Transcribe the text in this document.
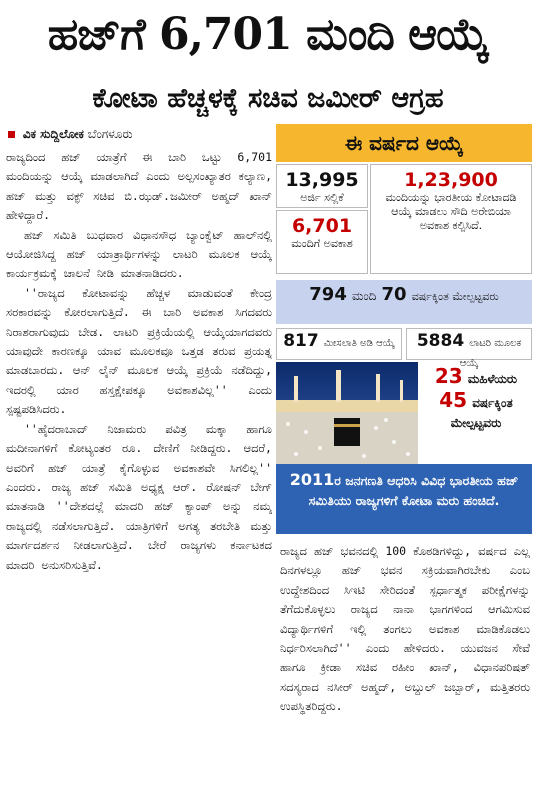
ಹಜ್‌ಗೆ 6,701 ಮಂದಿ ಆಯ್ಕೆ
ಕೋಟಾ ಹೆಚ್ಚಳಕ್ಕೆ ಸಚಿವ ಜಮೀರ್ ಆಗ್ರಹ
ವಿಕ ಸುದ್ದಿಲೋಕ ಬೆಂಗಳೂರು

ರಾಜ್ಯದಿಂದ ಹಜ್ ಯಾತ್ರೆಗೆ ಈ ಬಾರಿ ಒಟ್ಟು 6,701 ಮಂದಿಯನ್ನು ಆಯ್ಕೆ ಮಾಡಲಾಗಿದೆ ಎಂದು ಅಲ್ಪಸಂಖ್ಯಾತರ ಕಲ್ಯಾಣ, ಹಜ್ ಮತ್ತು ವಕ್ಫ್ ಸಚಿವ ಬಿ.ಝಡ್.ಜಮೀರ್ ಅಹ್ಮದ್ ಖಾನ್ ಹೇಳಿದ್ದಾರೆ.

ಹಜ್ ಸಮಿತಿ ಬುಧವಾರ ವಿಧಾನಸೌಧ ಬ್ಯಾಂಕ್ವೆಟ್ ಹಾಲ್‌ನಲ್ಲಿ ಆಯೋಜಿಸಿದ್ದ ಹಜ್ ಯಾತ್ರಾರ್ಥಿಗಳನ್ನು ಲಾಟರಿ ಮೂಲಕ ಆಯ್ಕೆ ಕಾರ್ಯಕ್ರಮಕ್ಕೆ ಚಾಲನೆ ನೀಡಿ ಮಾತನಾಡಿದರು.

''ರಾಜ್ಯದ ಕೋಟಾವನ್ನು ಹೆಚ್ಚಳ ಮಾಡುವಂತೆ ಕೇಂದ್ರ ಸರಕಾರವನ್ನು ಕೋರಲಾಗುತ್ತಿದೆ. ಈ ಬಾರಿ ಅವಕಾಶ ಸಿಗದವರು ನಿರಾಶರಾಗುವುದು ಬೇಡ. ಲಾಟರಿ ಪ್ರಕ್ರಿಯೆಯಲ್ಲಿ ಆಯ್ಕೆಯಾಗದವರು ಯಾವುದೇ ಕಾರಣಕ್ಕೂ ಯಾವ ಮೂಲಕವೂ ಒತ್ತಡ ತರುವ ಪ್ರಯತ್ನ ಮಾಡಬಾರದು. ಆನ್ ಲೈನ್ ಮೂಲಕ ಆಯ್ಕೆ ಪ್ರಕ್ರಿಯೆ ನಡೆದಿದ್ದು, ಇದರಲ್ಲಿ ಯಾರ ಹಸ್ತಕ್ಷೇಪಕ್ಕೂ ಅವಕಾಶವಿಲ್ಲ'' ಎಂದು ಸ್ಪಷ್ಟಪಡಿಸಿದರು.

''ಹೈದರಾಬಾದ್ ನಿಜಾಮರು ಪವಿತ್ರ ಮಕ್ಕಾ ಹಾಗೂ ಮದೀನಾಗಳಿಗೆ ಕೋಟ್ಯಂತರ ರೂ. ದೇಣಿಗೆ ನೀಡಿದ್ದರು. ಆದರೆ, ಅವರಿಗೆ ಹಜ್ ಯಾತ್ರೆ ಕೈಗೊಳ್ಳುವ ಅವಕಾಶವೇ ಸಿಗಲಿಲ್ಲ'' ಎಂದರು. ರಾಜ್ಯ ಹಜ್ ಸಮಿತಿ ಅಧ್ಯಕ್ಷ ಆರ್. ರೋಷನ್ ಬೇಗ್ ಮಾತನಾಡಿ ''ದೇಶದಲ್ಲೆ ಮಾದರಿ ಹಜ್ ಕ್ಯಾಂಪ್ ಅನ್ನು ನಮ್ಮ ರಾಜ್ಯದಲ್ಲಿ ನಡೆಸಲಾಗುತ್ತಿದೆ. ಯಾತ್ರಿಗಳಿಗೆ ಅಗತ್ಯ ತರಬೇತಿ ಮತ್ತು ಮಾರ್ಗದರ್ಶನ ನೀಡಲಾಗುತ್ತಿದೆ. ಬೇರೆ ರಾಜ್ಯಗಳು ಕರ್ನಾಟಕದ ಮಾದರಿ ಅನುಸರಿಸುತ್ತಿವೆ.

ಈ ವರ್ಷದ ಆಯ್ಕೆ
13,995
ಅರ್ಜಿ ಸಲ್ಲಿಕೆ
6,701
ಮಂದಿಗೆ ಅವಕಾಶ
1,23,900
ಮಂದಿಯನ್ನು ಭಾರತೀಯ ಕೋಟಾದಡಿ ಆಯ್ಕೆ ಮಾಡಲು ಸೌದಿ ಅರೇಬಿಯಾ ಅವಕಾಶ ಕಲ್ಪಿಸಿದೆ.
794 ಮಂದಿ 70 ವರ್ಷಕ್ಕಿಂತ ಮೇಲ್ಪಟ್ಟವರು
817 ಮೀಸಲಾತಿ ಅಡಿ ಆಯ್ಕೆ	5884 ಲಾಟರಿ ಮೂಲಕ ಆಯ್ಕೆ
23 ಮಹಿಳೆಯರು
45 ವರ್ಷಕ್ಕಿಂತ ಮೇಲ್ಪಟ್ಟವರು
2011ರ ಜನಗಣತಿ ಆಧರಿಸಿ ವಿವಿಧ ಭಾರತೀಯ ಹಜ್ ಸಮಿತಿಯು ರಾಜ್ಯಗಳಿಗೆ ಕೋಟಾ ಮರು ಹಂಚಿದೆ.

ರಾಜ್ಯದ ಹಜ್ ಭವನದಲ್ಲಿ 100 ಕೊಠಡಿಗಳಿದ್ದು, ವರ್ಷದ ಎಲ್ಲ ದಿನಗಳಲ್ಲೂ ಹಜ್ ಭವನ ಸಕ್ರಿಯವಾಗಿರಬೇಕು ಎಂಬ ಉದ್ದೇಶದಿಂದ ಸಿಇಟಿ ಸೇರಿದಂತೆ ಸ್ಪರ್ಧಾತ್ಮಕ ಪರೀಕ್ಷೆಗಳನ್ನು ತೆಗೆದುಕೊಳ್ಳಲು ರಾಜ್ಯದ ನಾನಾ ಭಾಗಗಳಿಂದ ಆಗಮಿಸುವ ವಿದ್ಯಾರ್ಥಿಗಳಿಗೆ ಇಲ್ಲಿ ತಂಗಲು ಅವಕಾಶ ಮಾಡಿಕೊಡಲು ನಿರ್ಧರಿಸಲಾಗಿದೆ'' ಎಂದು ಹೇಳಿದರು. ಯುವಜನ ಸೇವೆ ಹಾಗೂ ಕ್ರೀಡಾ ಸಚಿವ ರಹೀಂ ಖಾನ್, ವಿಧಾನಪರಿಷತ್ ಸದಸ್ಯರಾದ ನಸೀರ್ ಅಹ್ಮದ್, ಅಬ್ದುಲ್ ಜಬ್ಬಾರ್, ಮತ್ತಿತರರು ಉಪಸ್ಥಿತರಿದ್ದರು.
